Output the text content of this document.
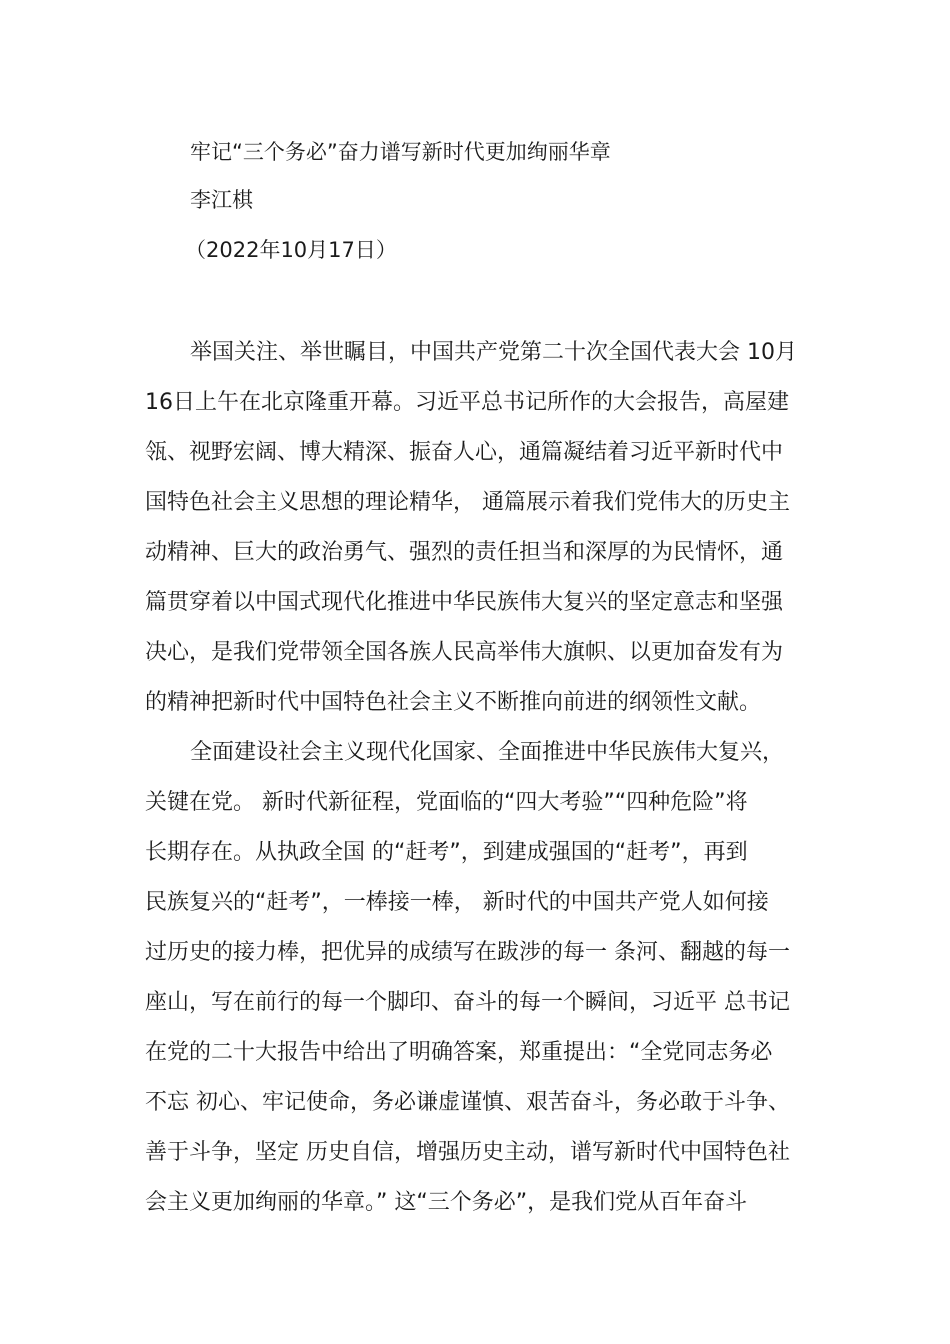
牢记“三个务必”奋力谱写新时代更加绚丽华章
李江棋
（2022年10月17日）
举国关注、举世瞩目，中国共产党第二十次全国代表大会 10月
16日上午在北京隆重开幕。习近平总书记所作的大会报告，高屋建
瓴、视野宏阔、博大精深、振奋人心，通篇凝结着习近平新时代中
国特色社会主义思想的理论精华， 通篇展示着我们党伟大的历史主
动精神、巨大的政治勇气、强烈的责任担当和深厚的为民情怀，通
篇贯穿着以中国式现代化推进中华民族伟大复兴的坚定意志和坚强
决心，是我们党带领全国各族人民高举伟大旗帜、以更加奋发有为
的精神把新时代中国特色社会主义不断推向前进的纲领性文献。
全面建设社会主义现代化国家、全面推进中华民族伟大复兴，
关键在党。 新时代新征程，党面临的“四大考验”“四种危险”将
长期存在。从执政全国 的“赶考”，到建成强国的“赶考”，再到
民族复兴的“赶考”，一棒接一棒， 新时代的中国共产党人如何接
过历史的接力棒，把优异的成绩写在跋涉的每一 条河、翻越的每一
座山，写在前行的每一个脚印、奋斗的每一个瞬间，习近平 总书记
在党的二十大报告中给出了明确答案，郑重提出：“全党同志务必
不忘 初心、牢记使命，务必谦虚谨慎、艰苦奋斗，务必敢于斗争、
善于斗争，坚定 历史自信，增强历史主动，谱写新时代中国特色社
会主义更加绚丽的华章。” 这“三个务必”，是我们党从百年奋斗
